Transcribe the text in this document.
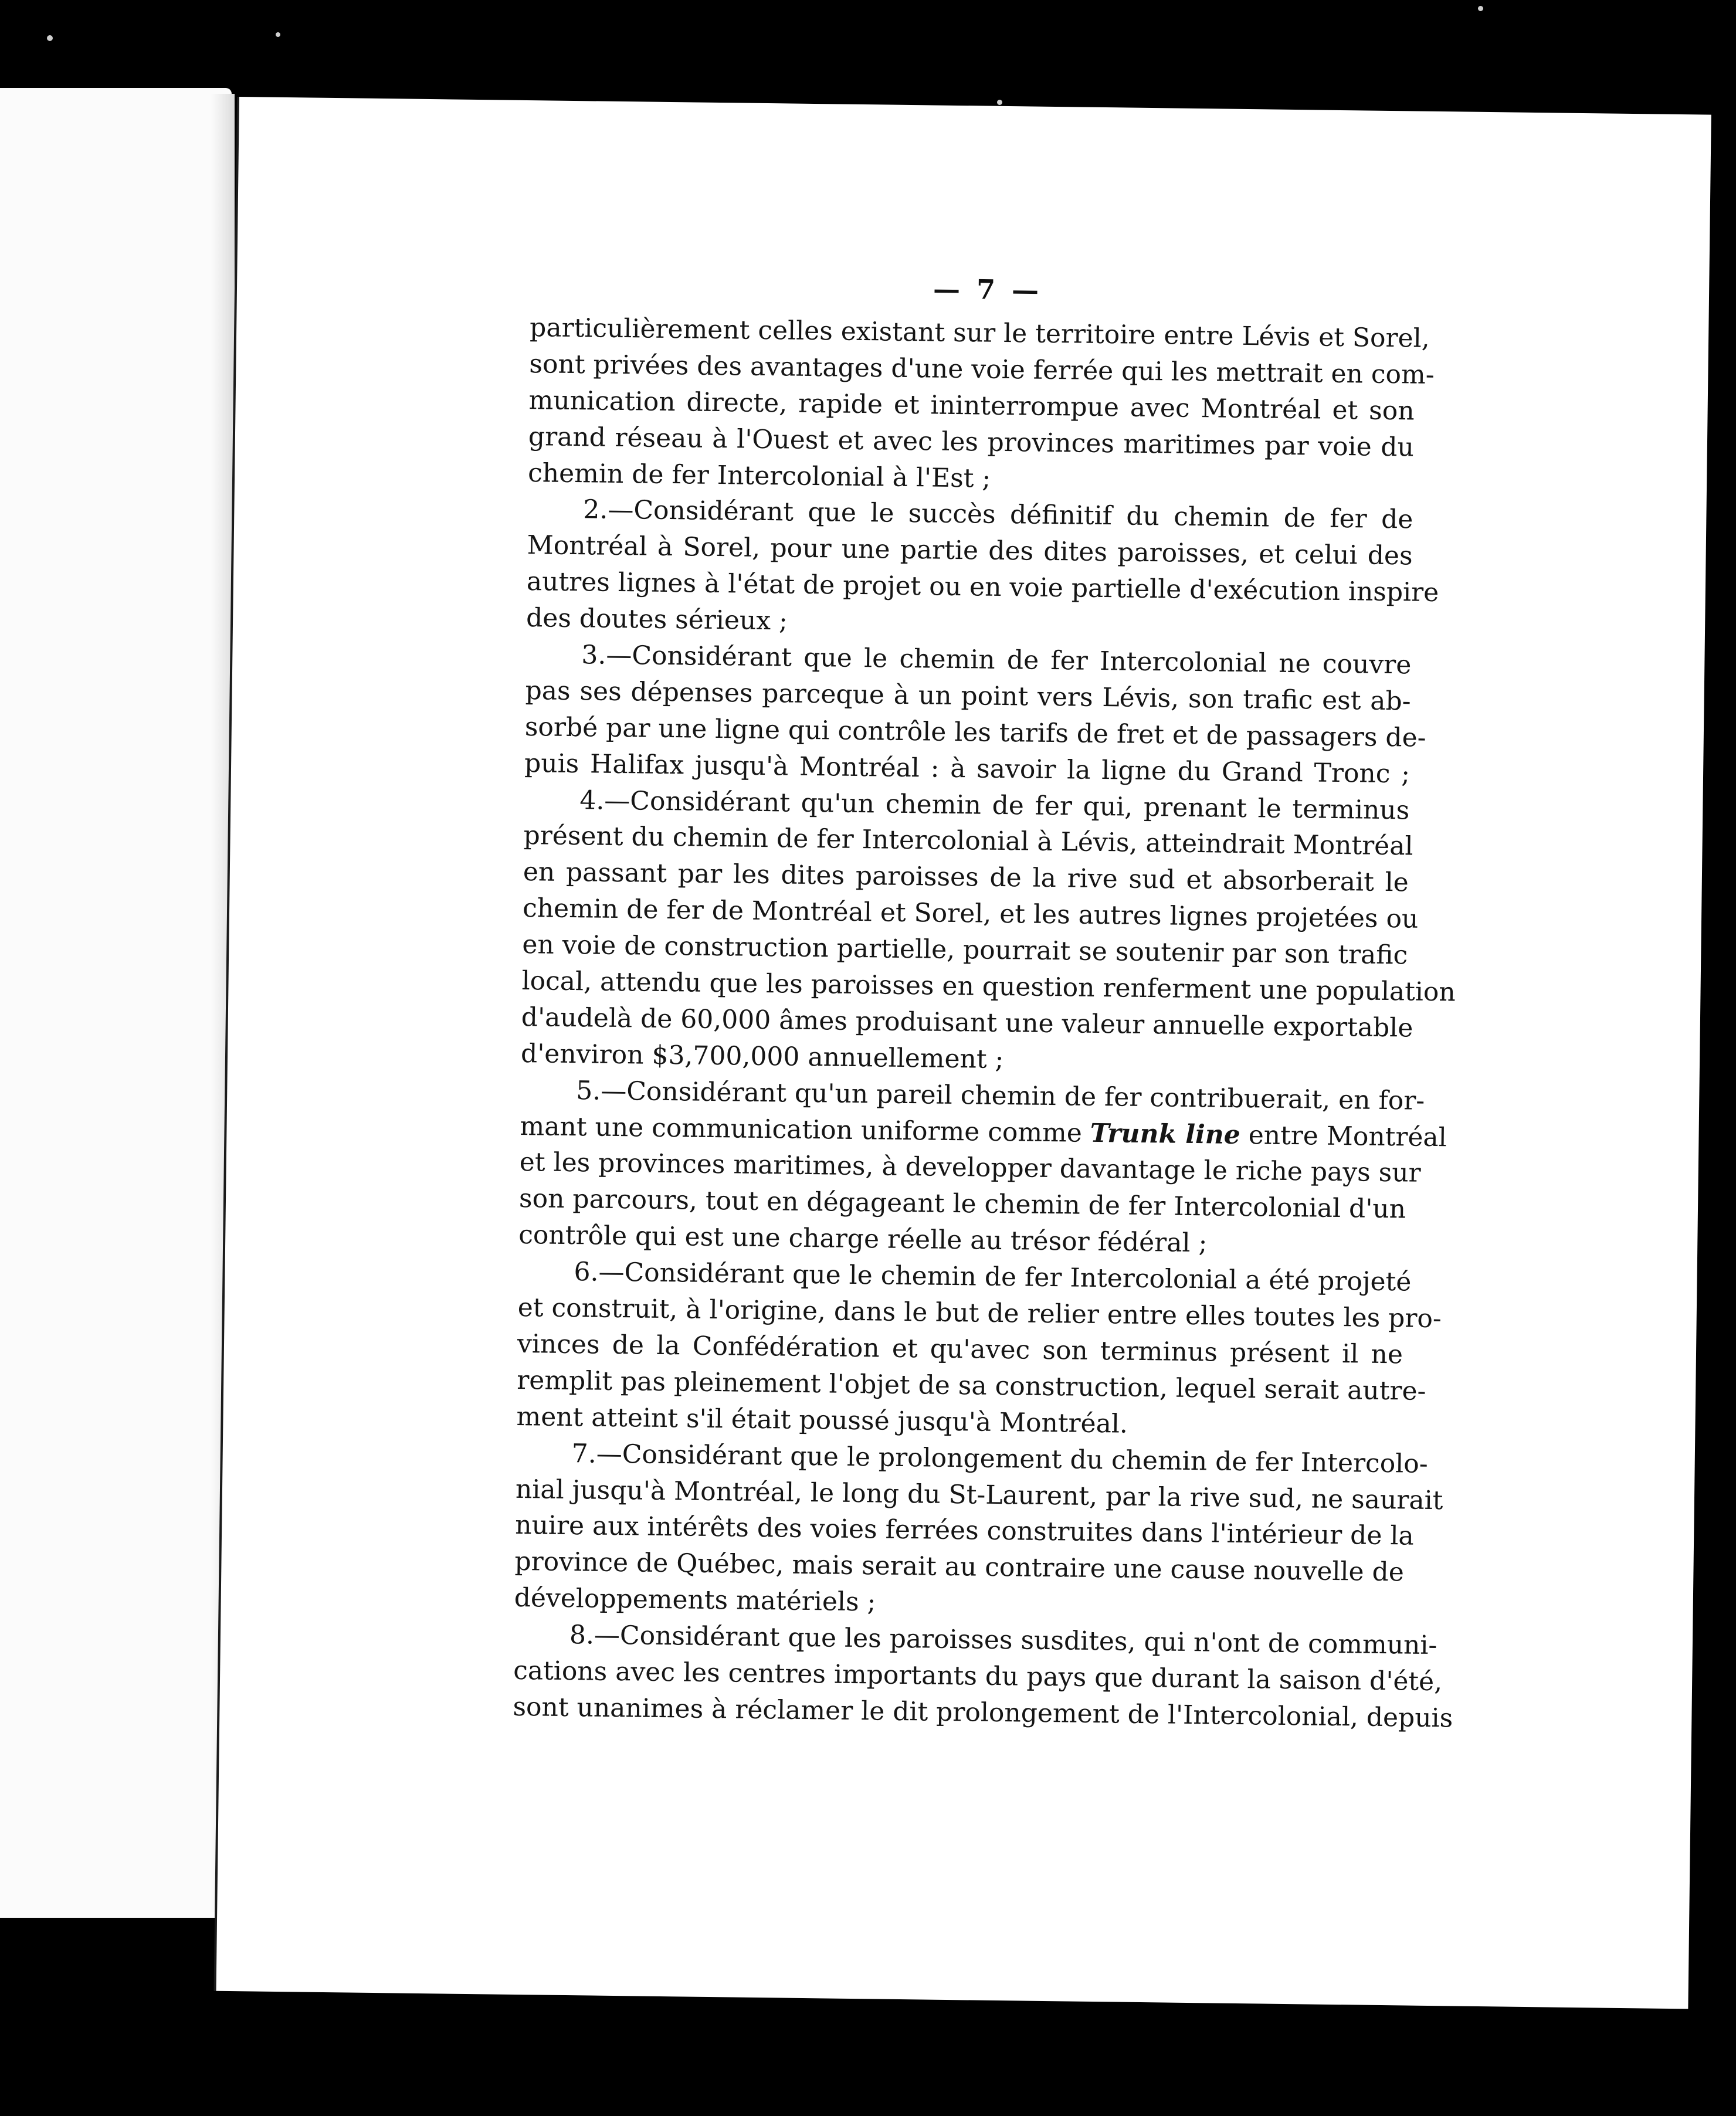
— 7 —
particulièrement celles existant sur le territoire entre Lévis et Sorel,
sont privées des avantages d'une voie ferrée qui les mettrait en com-
munication directe, rapide et ininterrompue avec Montréal et son
grand réseau à l'Ouest et avec les provinces maritimes par voie du
chemin de fer Intercolonial à l'Est ;
2.—Considérant que le succès définitif du chemin de fer de
Montréal à Sorel, pour une partie des dites paroisses, et celui des
autres lignes à l'état de projet ou en voie partielle d'exécution inspire
des doutes sérieux ;
3.—Considérant que le chemin de fer Intercolonial ne couvre
pas ses dépenses parceque à un point vers Lévis, son trafic est ab-
sorbé par une ligne qui contrôle les tarifs de fret et de passagers de-
puis Halifax jusqu'à Montréal : à savoir la ligne du Grand Tronc ;
4.—Considérant qu'un chemin de fer qui, prenant le terminus
présent du chemin de fer Intercolonial à Lévis, atteindrait Montréal
en passant par les dites paroisses de la rive sud et absorberait le
chemin de fer de Montréal et Sorel, et les autres lignes projetées ou
en voie de construction partielle, pourrait se soutenir par son trafic
local, attendu que les paroisses en question renferment une population
d'audelà de 60,000 âmes produisant une valeur annuelle exportable
d'environ $3,700,000 annuellement ;
5.—Considérant qu'un pareil chemin de fer contribuerait, en for-
mant une communication uniforme comme Trunk line entre Montréal
et les provinces maritimes, à developper davantage le riche pays sur
son parcours, tout en dégageant le chemin de fer Intercolonial d'un
contrôle qui est une charge réelle au trésor fédéral ;
6.—Considérant que le chemin de fer Intercolonial a été projeté
et construit, à l'origine, dans le but de relier entre elles toutes les pro-
vinces de la Confédération et qu'avec son terminus présent il ne
remplit pas pleinement l'objet de sa construction, lequel serait autre-
ment atteint s'il était poussé jusqu'à Montréal.
7.—Considérant que le prolongement du chemin de fer Intercolo-
nial jusqu'à Montréal, le long du St-Laurent, par la rive sud, ne saurait
nuire aux intérêts des voies ferrées construites dans l'intérieur de la
province de Québec, mais serait au contraire une cause nouvelle de
développements matériels ;
8.—Considérant que les paroisses susdites, qui n'ont de communi-
cations avec les centres importants du pays que durant la saison d'été,
sont unanimes à réclamer le dit prolongement de l'Intercolonial, depuis
